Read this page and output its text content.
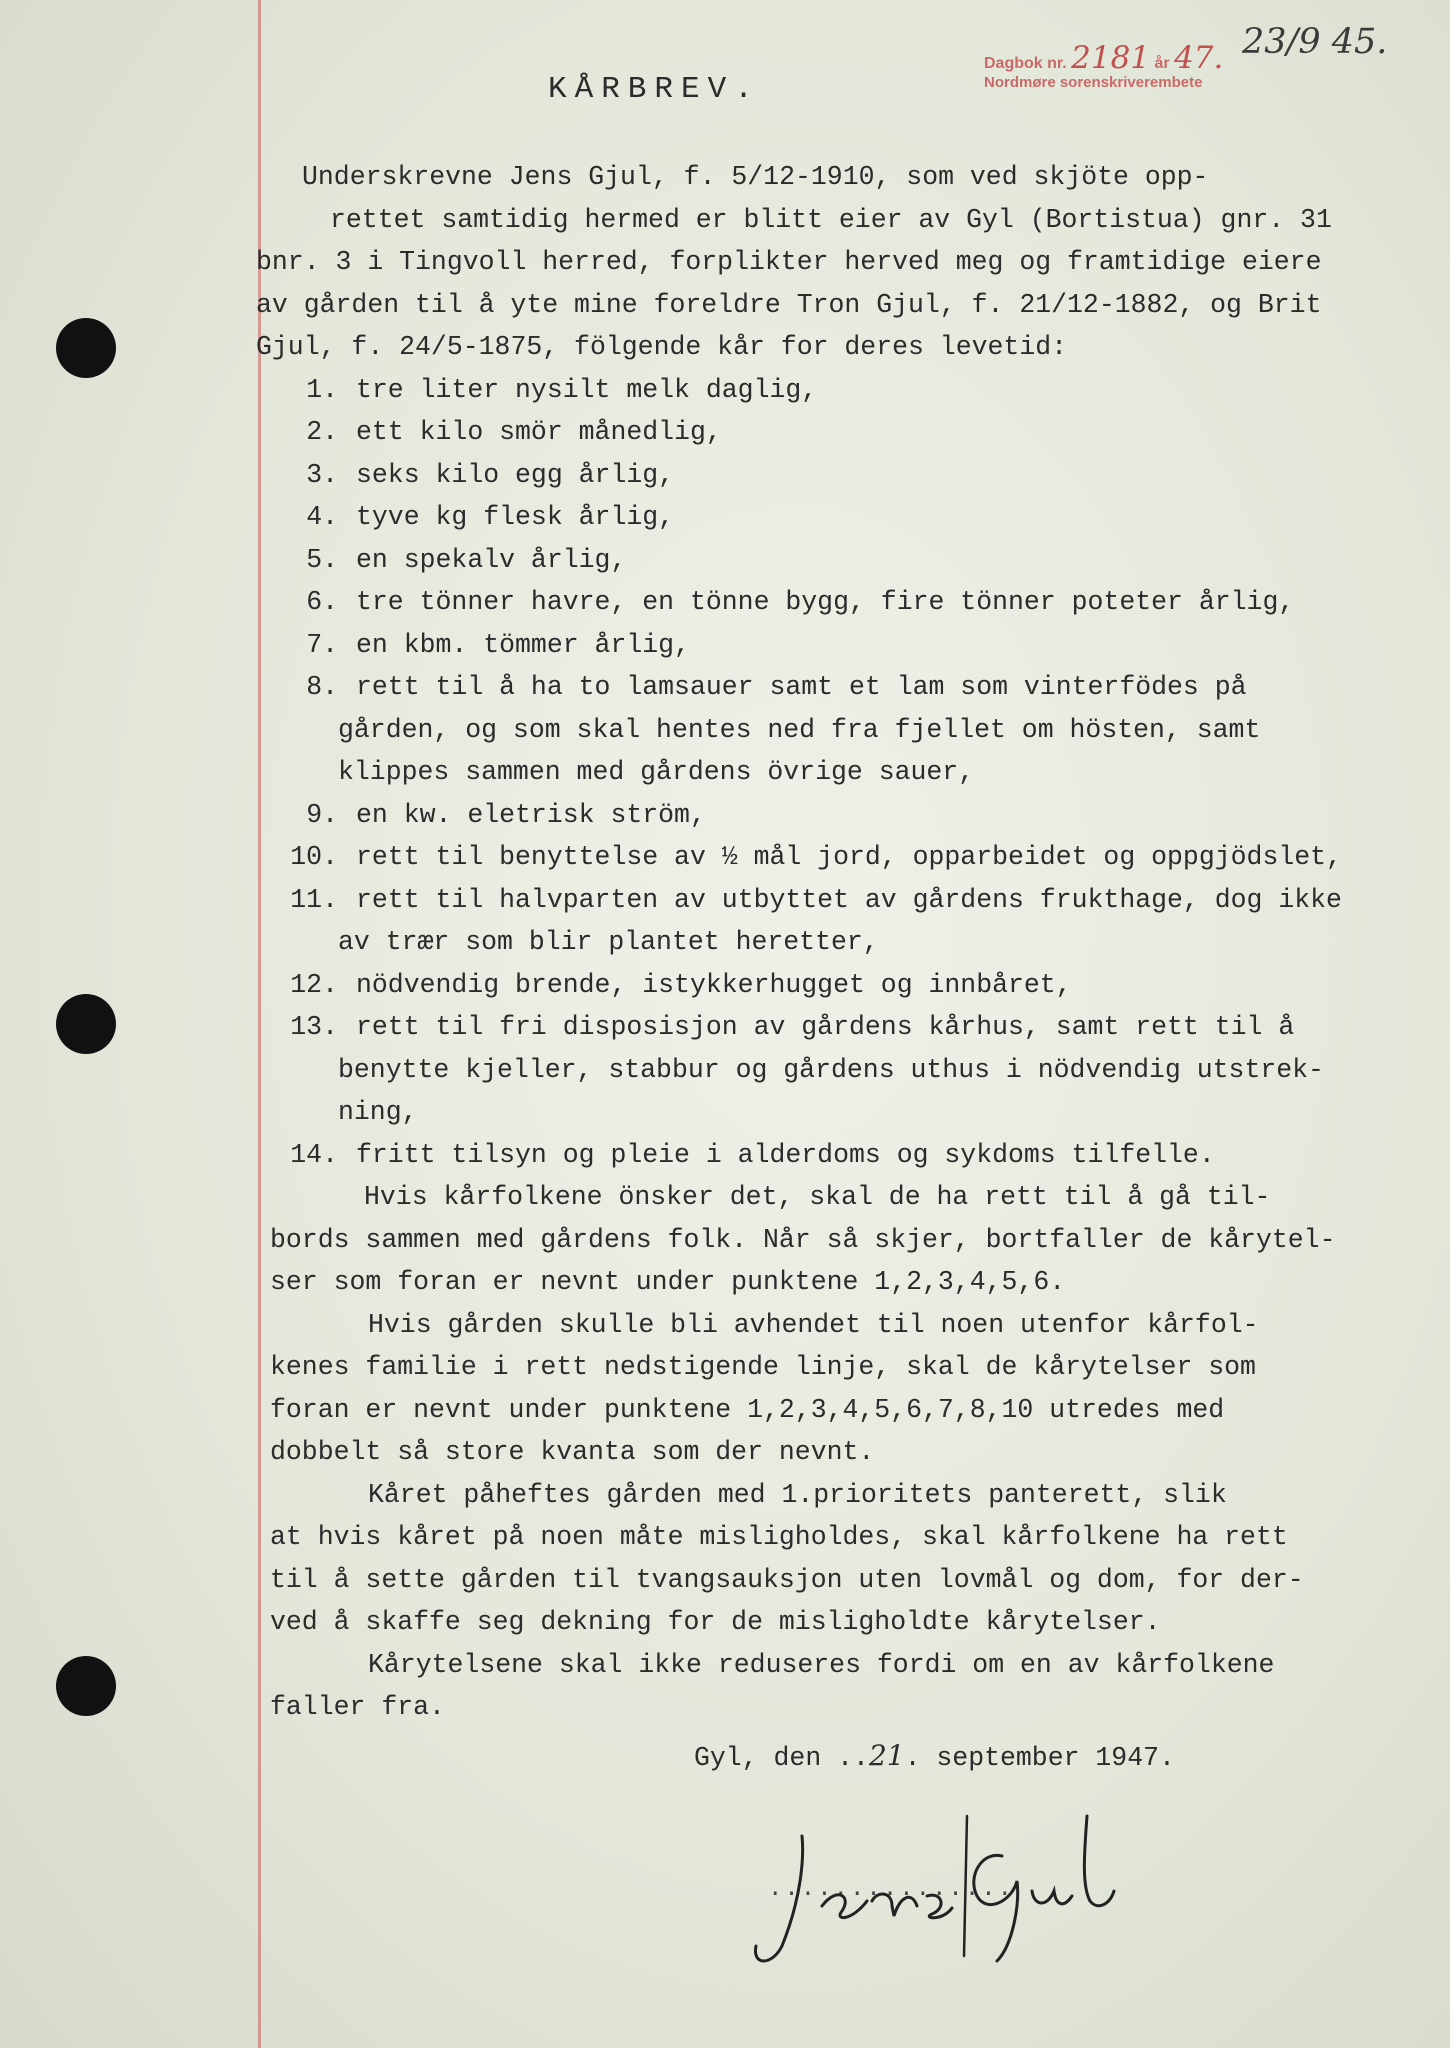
KÅRBREV.
Dagbok nr. 2181 år 47.
Nordmøre sorenskriverembete
23/9 45.
Underskrevne Jens Gjul, f. 5/12-1910, som ved skjöte opp-
rettet samtidig hermed er blitt eier av Gyl (Bortistua) gnr. 31
bnr. 3 i Tingvoll herred, forplikter herved meg og framtidige eiere
av gården til å yte mine foreldre Tron Gjul, f. 21/12-1882, og Brit
Gjul, f. 24/5-1875, fölgende kår for deres levetid:
1. tre liter nysilt melk daglig,
2. ett kilo smör månedlig,
3. seks kilo egg årlig,
4. tyve kg flesk årlig,
5. en spekalv årlig,
6. tre tönner havre, en tönne bygg, fire tönner poteter årlig,
7. en kbm. tömmer årlig,
8. rett til å ha to lamsauer samt et lam som vinterfödes på
gården, og som skal hentes ned fra fjellet om hösten, samt
klippes sammen med gårdens övrige sauer,
9. en kw. eletrisk ström,
10. rett til benyttelse av ½ mål jord, opparbeidet og oppgjödslet,
11. rett til halvparten av utbyttet av gårdens frukthage, dog ikke
av trær som blir plantet heretter,
12. nödvendig brende, istykkerhugget og innbåret,
13. rett til fri disposisjon av gårdens kårhus, samt rett til å
benytte kjeller, stabbur og gårdens uthus i nödvendig utstrek-
ning,
14. fritt tilsyn og pleie i alderdoms og sykdoms tilfelle.
Hvis kårfolkene önsker det, skal de ha rett til å gå til-
bords sammen med gårdens folk. Når så skjer, bortfaller de kårytel-
ser som foran er nevnt under punktene 1,2,3,4,5,6.
Hvis gården skulle bli avhendet til noen utenfor kårfol-
kenes familie i rett nedstigende linje, skal de kårytelser som
foran er nevnt under punktene 1,2,3,4,5,6,7,8,10 utredes med
dobbelt så store kvanta som der nevnt.
Kåret påheftes gården med 1.prioritets panterett, slik
at hvis kåret på noen måte misligholdes, skal kårfolkene ha rett
til å sette gården til tvangsauksjon uten lovmål og dom, for der-
ved å skaffe seg dekning for de misligholdte kårytelser.
Kårytelsene skal ikke reduseres fordi om en av kårfolkene
faller fra.
Gyl, den ..21. september 1947.
...............
